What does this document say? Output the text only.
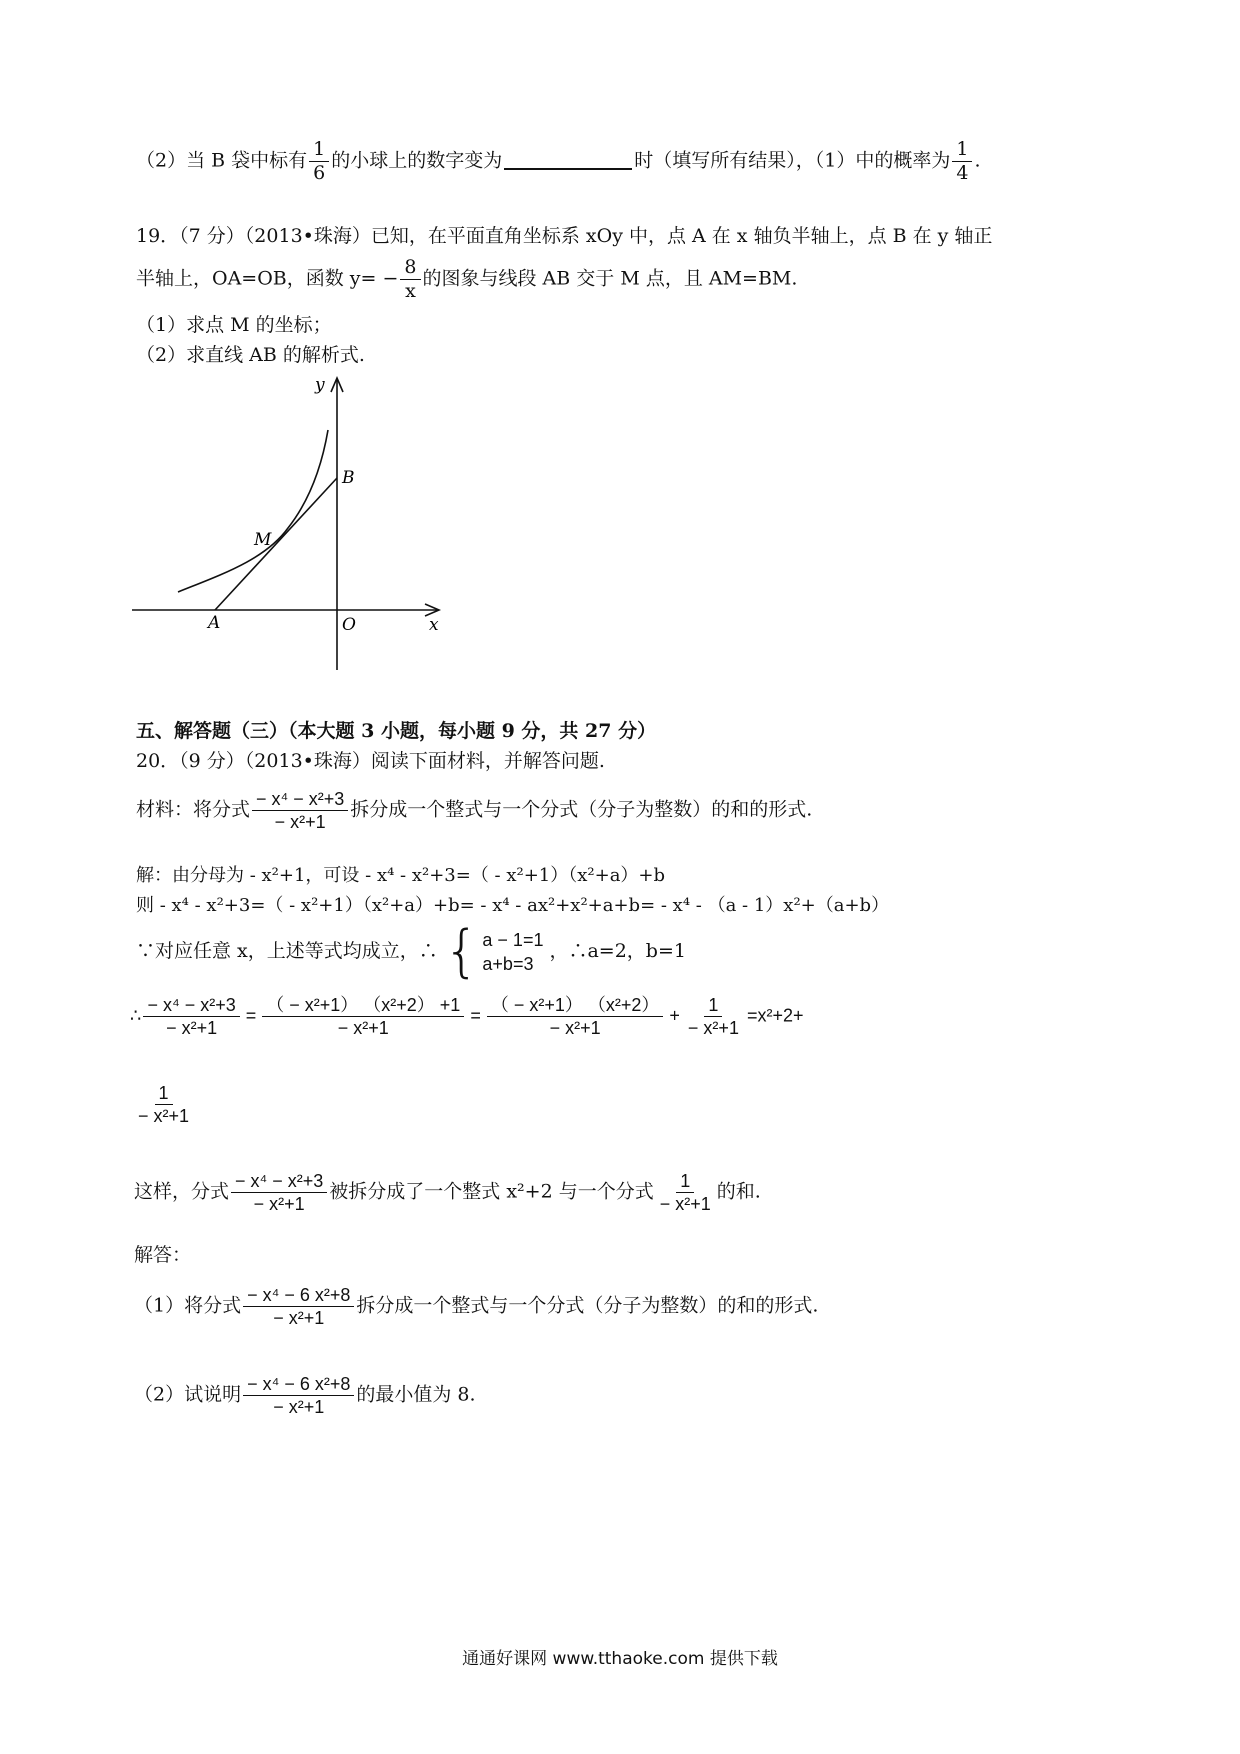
（2）当 B 袋中标有 $\frac{1}{6}$ 的小球上的数字变为	时（填写所有结果），（1）中的概率为 $\frac{1}{4}$ .
19．（7 分）（2013•珠海）已知，在平面直角坐标系 xOy 中，点 A 在 x 轴负半轴上，点 B 在 y 轴正
半轴上，OA=OB，函数 $y= - \frac{8}{x}$ 的图象与线段 AB 交于 M 点，且 AM=BM.
（1）求点 M 的坐标；
（2）求直线 AB 的解析式.
y
x
B
M
A	O
五、解答题（三）（本大题 3 小题，每小题 9 分，共 27 分）
20．（9 分）（2013•珠海）阅读下面材料，并解答问题.
材料：将分式 $\frac{\text{− x⁴ − x²+3}}{\text{− x²+1}}$ 拆分成一个整式与一个分式（分子为整数）的和的形式.
解：由分母为 - x²+1，可设 - x⁴ - x²+3=（ - x²+1）（x²+a）+b
则 - x⁴ - x²+3=（ - x²+1）（x²+a）+b= - x⁴ - ax²+x²+a+b= - x⁴ - （a - 1）x²+（a+b）
∵对应任意 x，上述等式均成立，∴ { a − 1=1
a+b=3
，∴a=2，b=1
∴ $\frac{\text{− x⁴ − x²+3}}{\text{− x²+1}} = \frac{\text{（ − x²+1） （x²+2） +1}}{\text{− x²+1}} = \frac{\text{（ − x²+1） （x²+2）}}{\text{− x²+1}} + \frac{1}{\text{− x²+1}} =x^2+2+$
$\frac{1}{\text{− x²+1}}$
这样，分式 $\frac{\text{− x⁴ − x²+3}}{\text{− x²+1}}$ 被拆分成了一个整式 x²+2 与一个分式 $\frac{1}{\text{− x²+1}}$ 的和.
解答：
（1）将分式 $\frac{\text{− x⁴ − 6 x²+8}}{\text{− x²+1}}$ 拆分成一个整式与一个分式（分子为整数）的和的形式.
（2）试说明 $\frac{\text{− x⁴ − 6 x²+8}}{\text{− x²+1}}$ 的最小值为 8.
通通好课网 www.tthaoke.com 提供下载
